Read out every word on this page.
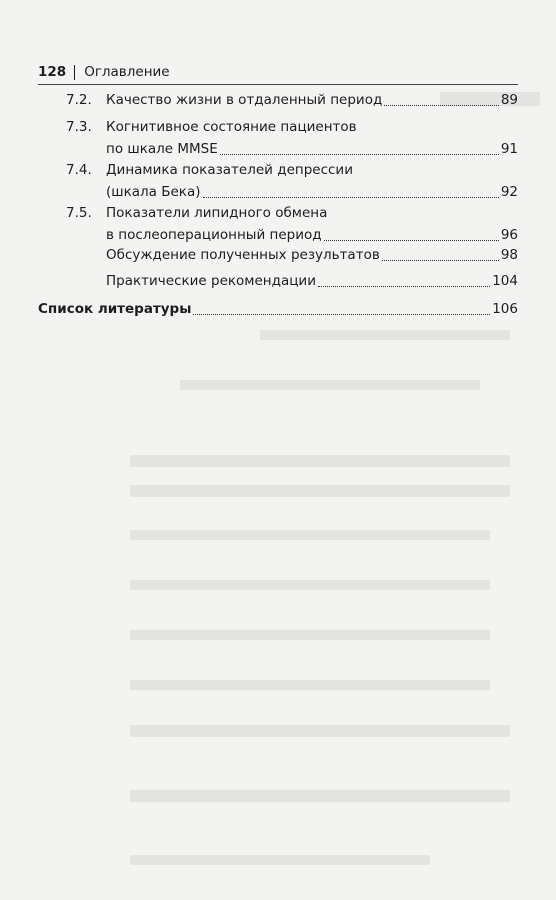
128 Оглавление
7.2. Качество жизни в отдаленный период	89
7.3. Когнитивное состояние пациентов
по шкале MMSE	91
7.4. Динамика показателей депрессии
(шкала Бека)	92
7.5. Показатели липидного обмена
в послеоперационный период	96
Обсуждение полученных результатов	98
Практические рекомендации	104
Список литературы	106
